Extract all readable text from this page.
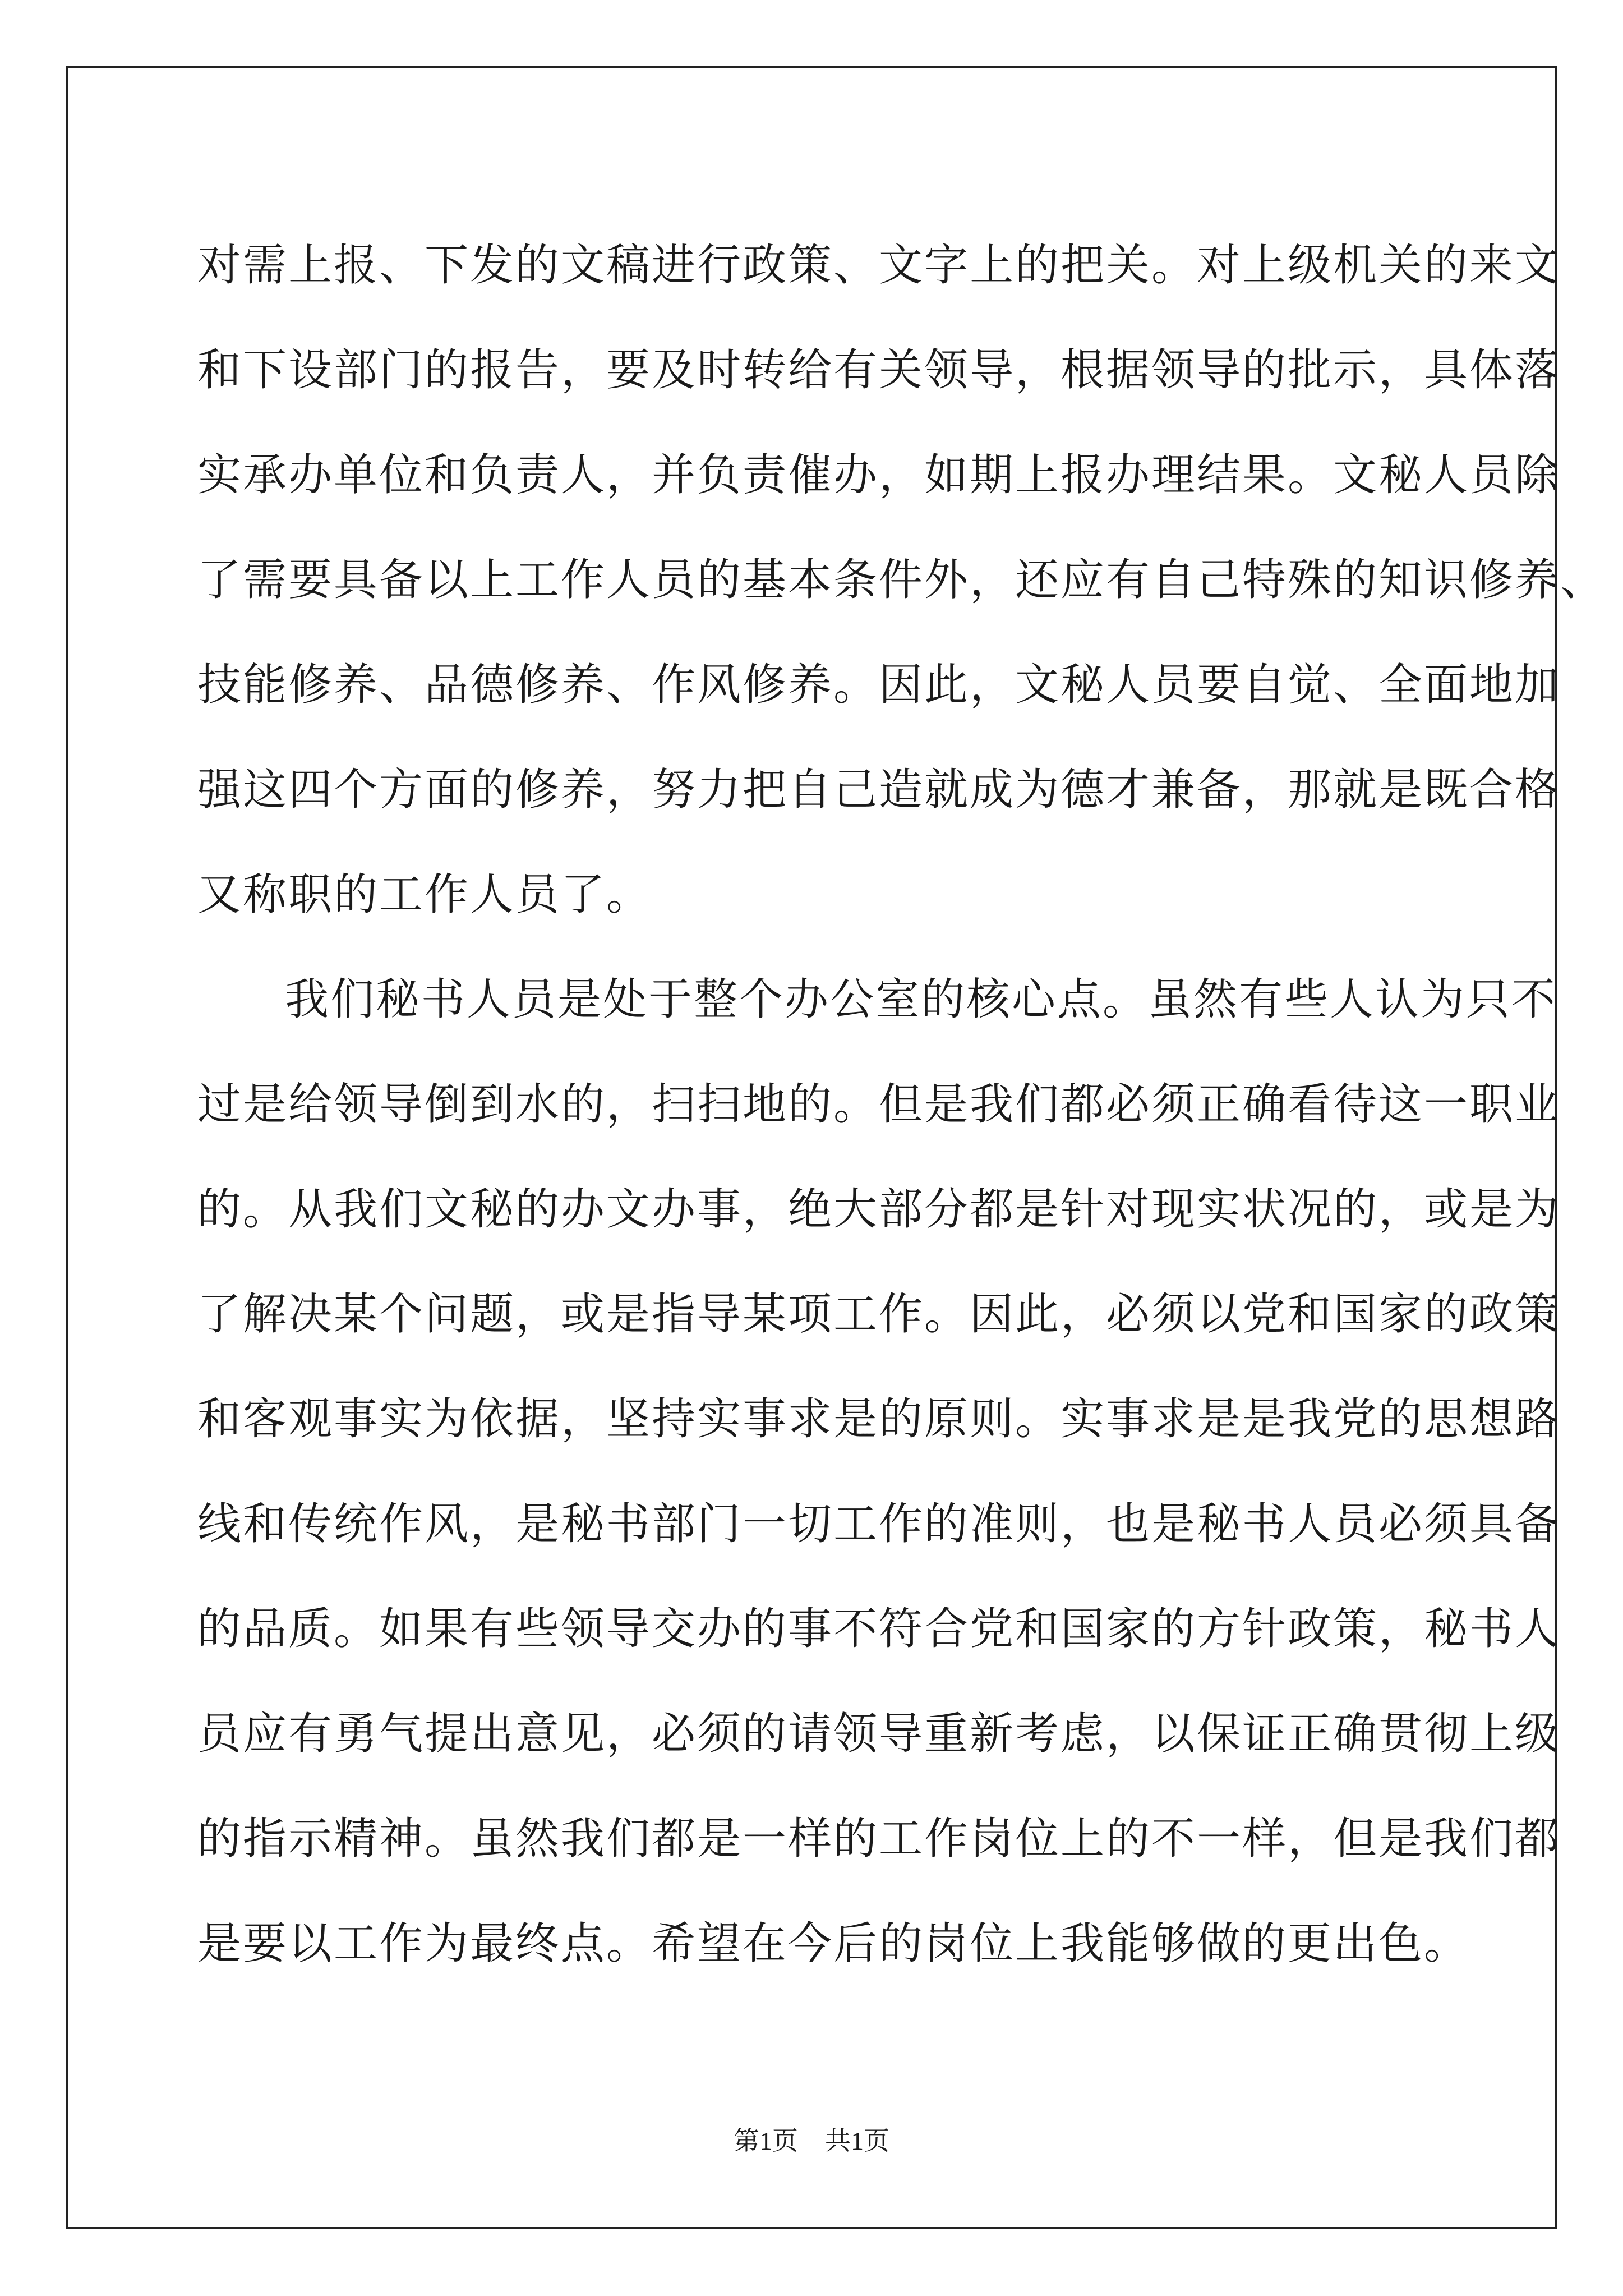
对需上报、下发的文稿进行政策、文字上的把关。对上级机关的来文
和下设部门的报告，要及时转给有关领导，根据领导的批示，具体落
实承办单位和负责人，并负责催办，如期上报办理结果。文秘人员除
了需要具备以上工作人员的基本条件外，还应有自己特殊的知识修养、
技能修养、品德修养、作风修养。因此，文秘人员要自觉、全面地加
强这四个方面的修养，努力把自己造就成为德才兼备，那就是既合格
又称职的工作人员了。
我们秘书人员是处于整个办公室的核心点。虽然有些人认为只不
过是给领导倒到水的，扫扫地的。但是我们都必须正确看待这一职业
的。从我们文秘的办文办事，绝大部分都是针对现实状况的，或是为
了解决某个问题，或是指导某项工作。因此，必须以党和国家的政策
和客观事实为依据，坚持实事求是的原则。实事求是是我党的思想路
线和传统作风，是秘书部门一切工作的准则，也是秘书人员必须具备
的品质。如果有些领导交办的事不符合党和国家的方针政策，秘书人
员应有勇气提出意见，必须的请领导重新考虑，以保证正确贯彻上级
的指示精神。虽然我们都是一样的工作岗位上的不一样，但是我们都
是要以工作为最终点。希望在今后的岗位上我能够做的更出色。
第1页 共1页
